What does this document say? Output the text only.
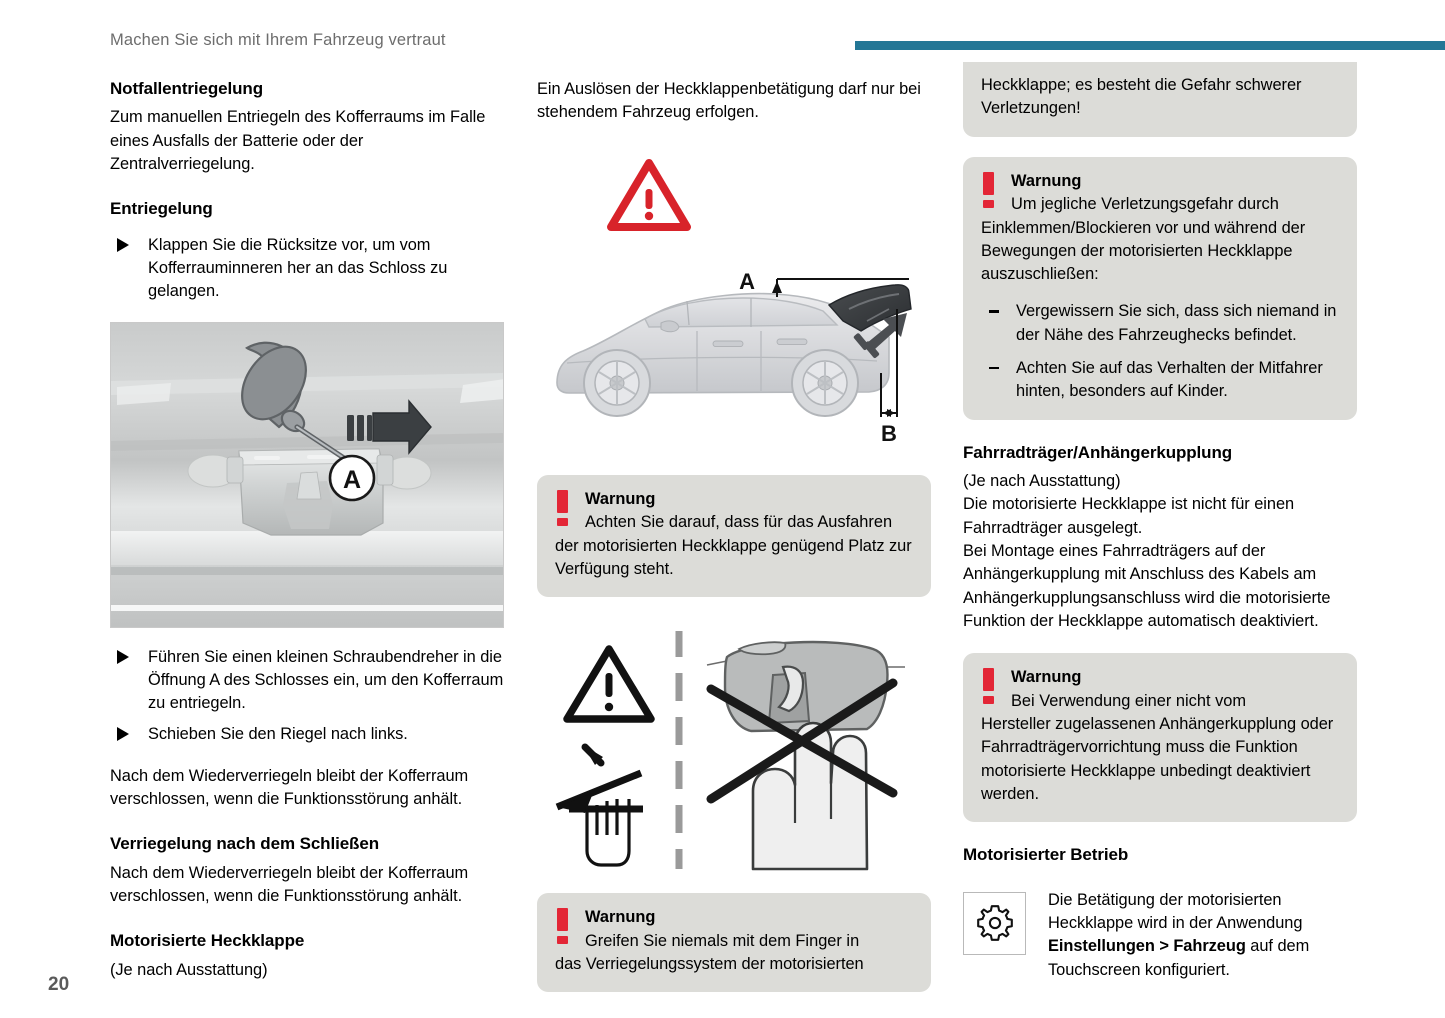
Machen Sie sich mit Ihrem Fahrzeug vertraut
Notfallentriegelung

Zum manuellen Entriegeln des Kofferraums im Falle eines Ausfalls der Batterie oder der Zentralverriegelung.

Entriegelung
Klappen Sie die Rücksitze vor, um vom Kofferrauminneren her an das Schloss zu gelangen.
A
Führen Sie einen kleinen Schraubendreher in die Öffnung A des Schlosses ein, um den Kofferraum zu entriegeln.
Schieben Sie den Riegel nach links.

Nach dem Wiederverriegeln bleibt der Kofferraum verschlossen, wenn die Funktionsstörung anhält.

Verriegelung nach dem Schließen

Nach dem Wiederverriegeln bleibt der Kofferraum verschlossen, wenn die Funktionsstörung anhält.

Motorisierte Heckklappe

(Je nach Ausstattung)

Ein Auslösen der Heckklappenbetätigung darf nur bei stehendem Fahrzeug erfolgen.

A
B
Warnung
Achten Sie darauf, dass für das Ausfahren

der motorisierten Heckklappe genügend Platz zur Verfügung steht.

Warnung
Greifen Sie niemals mit dem Finger in

das Verriegelungssystem der motorisierten

Heckklappe; es besteht die Gefahr schwerer Verletzungen!

Warnung
Um jegliche Verletzungsgefahr durch

Einklemmen/Blockieren vor und während der Bewegungen der motorisierten Heckklappe auszuschließen:

Vergewissern Sie sich, dass sich niemand in der Nähe des Fahrzeughecks befindet.
Achten Sie auf das Verhalten der Mitfahrer hinten, besonders auf Kinder.
Fahrradträger/Anhängerkupplung

(Je nach Ausstattung)

Die motorisierte Heckklappe ist nicht für einen Fahrradträger ausgelegt.

Bei Montage eines Fahrradträgers auf der Anhängerkupplung mit Anschluss des Kabels am Anhängerkupplungsanschluss wird die motorisierte Funktion der Heckklappe automatisch deaktiviert.

Warnung
Bei Verwendung einer nicht vom

Hersteller zugelassenen Anhängerkupplung oder Fahrradträgervorrichtung muss die Funktion motorisierte Heckklappe unbedingt deaktiviert werden.

Motorisierter Betrieb
Die Betätigung der motorisierten Heckklappe wird in der Anwendung Einstellungen > Fahrzeug auf dem Touchscreen konfiguriert.
20
